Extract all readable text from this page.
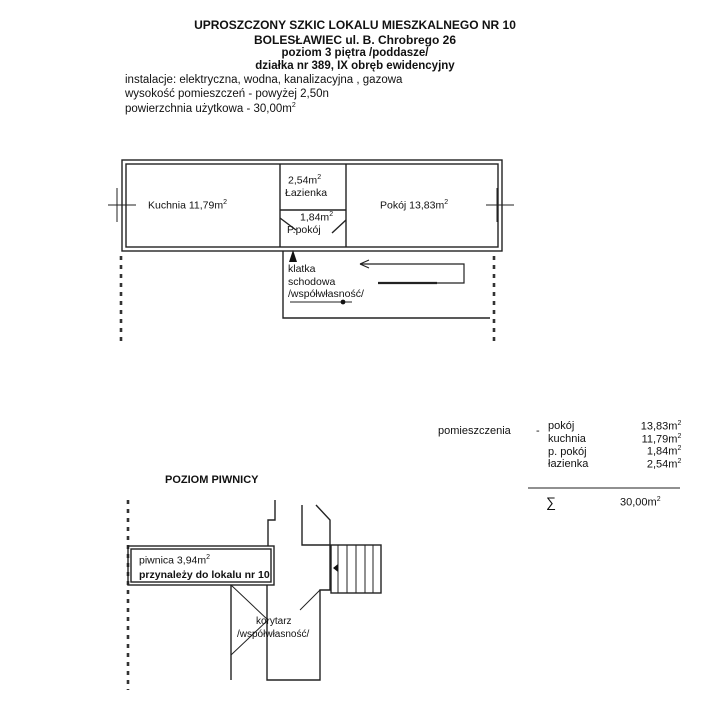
UPROSZCZONY SZKIC LOKALU MIESZKALNEGO NR 10
BOLESŁAWIEC ul. B. Chrobrego 26
poziom 3 piętra /poddasze/
działka nr 389, IX obręb ewidencyjny
instalacje: elektryczna, wodna, kanalizacyjna , gazowa
wysokość pomieszczeń - powyżej 2,50n
powierzchnia użytkowa - $30,00m^2$
Kuchnia $11,79m^2$
$2,54m^2$
Łazienka
$1,84m^2$
P.pokój
Pokój $13,83m^2$
klatka
schodowa
/współwłasność/
pomieszczenia - pokój	$13,83m^2$
kuchnia	$11,79m^2$
p. pokój	$1,84m^2$
łazienka	$2,54m^2$
∑	$30,00m^2$
POZIOM PIWNICY
piwnica $3,94m^2$
przynależy do lokalu nr 10
korytarz
/współwłasność/
